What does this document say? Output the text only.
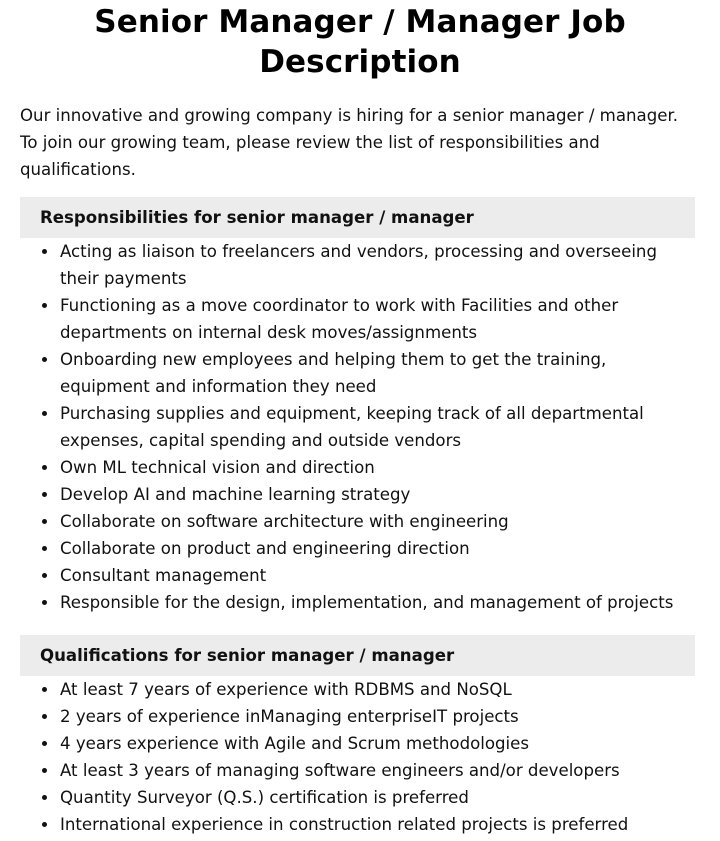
Senior Manager / Manager Job Description

Our innovative and growing company is hiring for a senior manager / manager. To join our growing team, please review the list of responsibilities and qualifications.

Responsibilities for senior manager / manager
Acting as liaison to freelancers and vendors, processing and overseeing their payments
Functioning as a move coordinator to work with Facilities and other departments on internal desk moves/assignments
Onboarding new employees and helping them to get the training, equipment and information they need
Purchasing supplies and equipment, keeping track of all departmental expenses, capital spending and outside vendors
Own ML technical vision and direction
Develop AI and machine learning strategy
Collaborate on software architecture with engineering
Collaborate on product and engineering direction
Consultant management
Responsible for the design, implementation, and management of projects
Qualifications for senior manager / manager
At least 7 years of experience with RDBMS and NoSQL
2 years of experience inManaging enterpriseIT projects
4 years experience with Agile and Scrum methodologies
At least 3 years of managing software engineers and/or developers
Quantity Surveyor (Q.S.) certification is preferred
International experience in construction related projects is preferred
